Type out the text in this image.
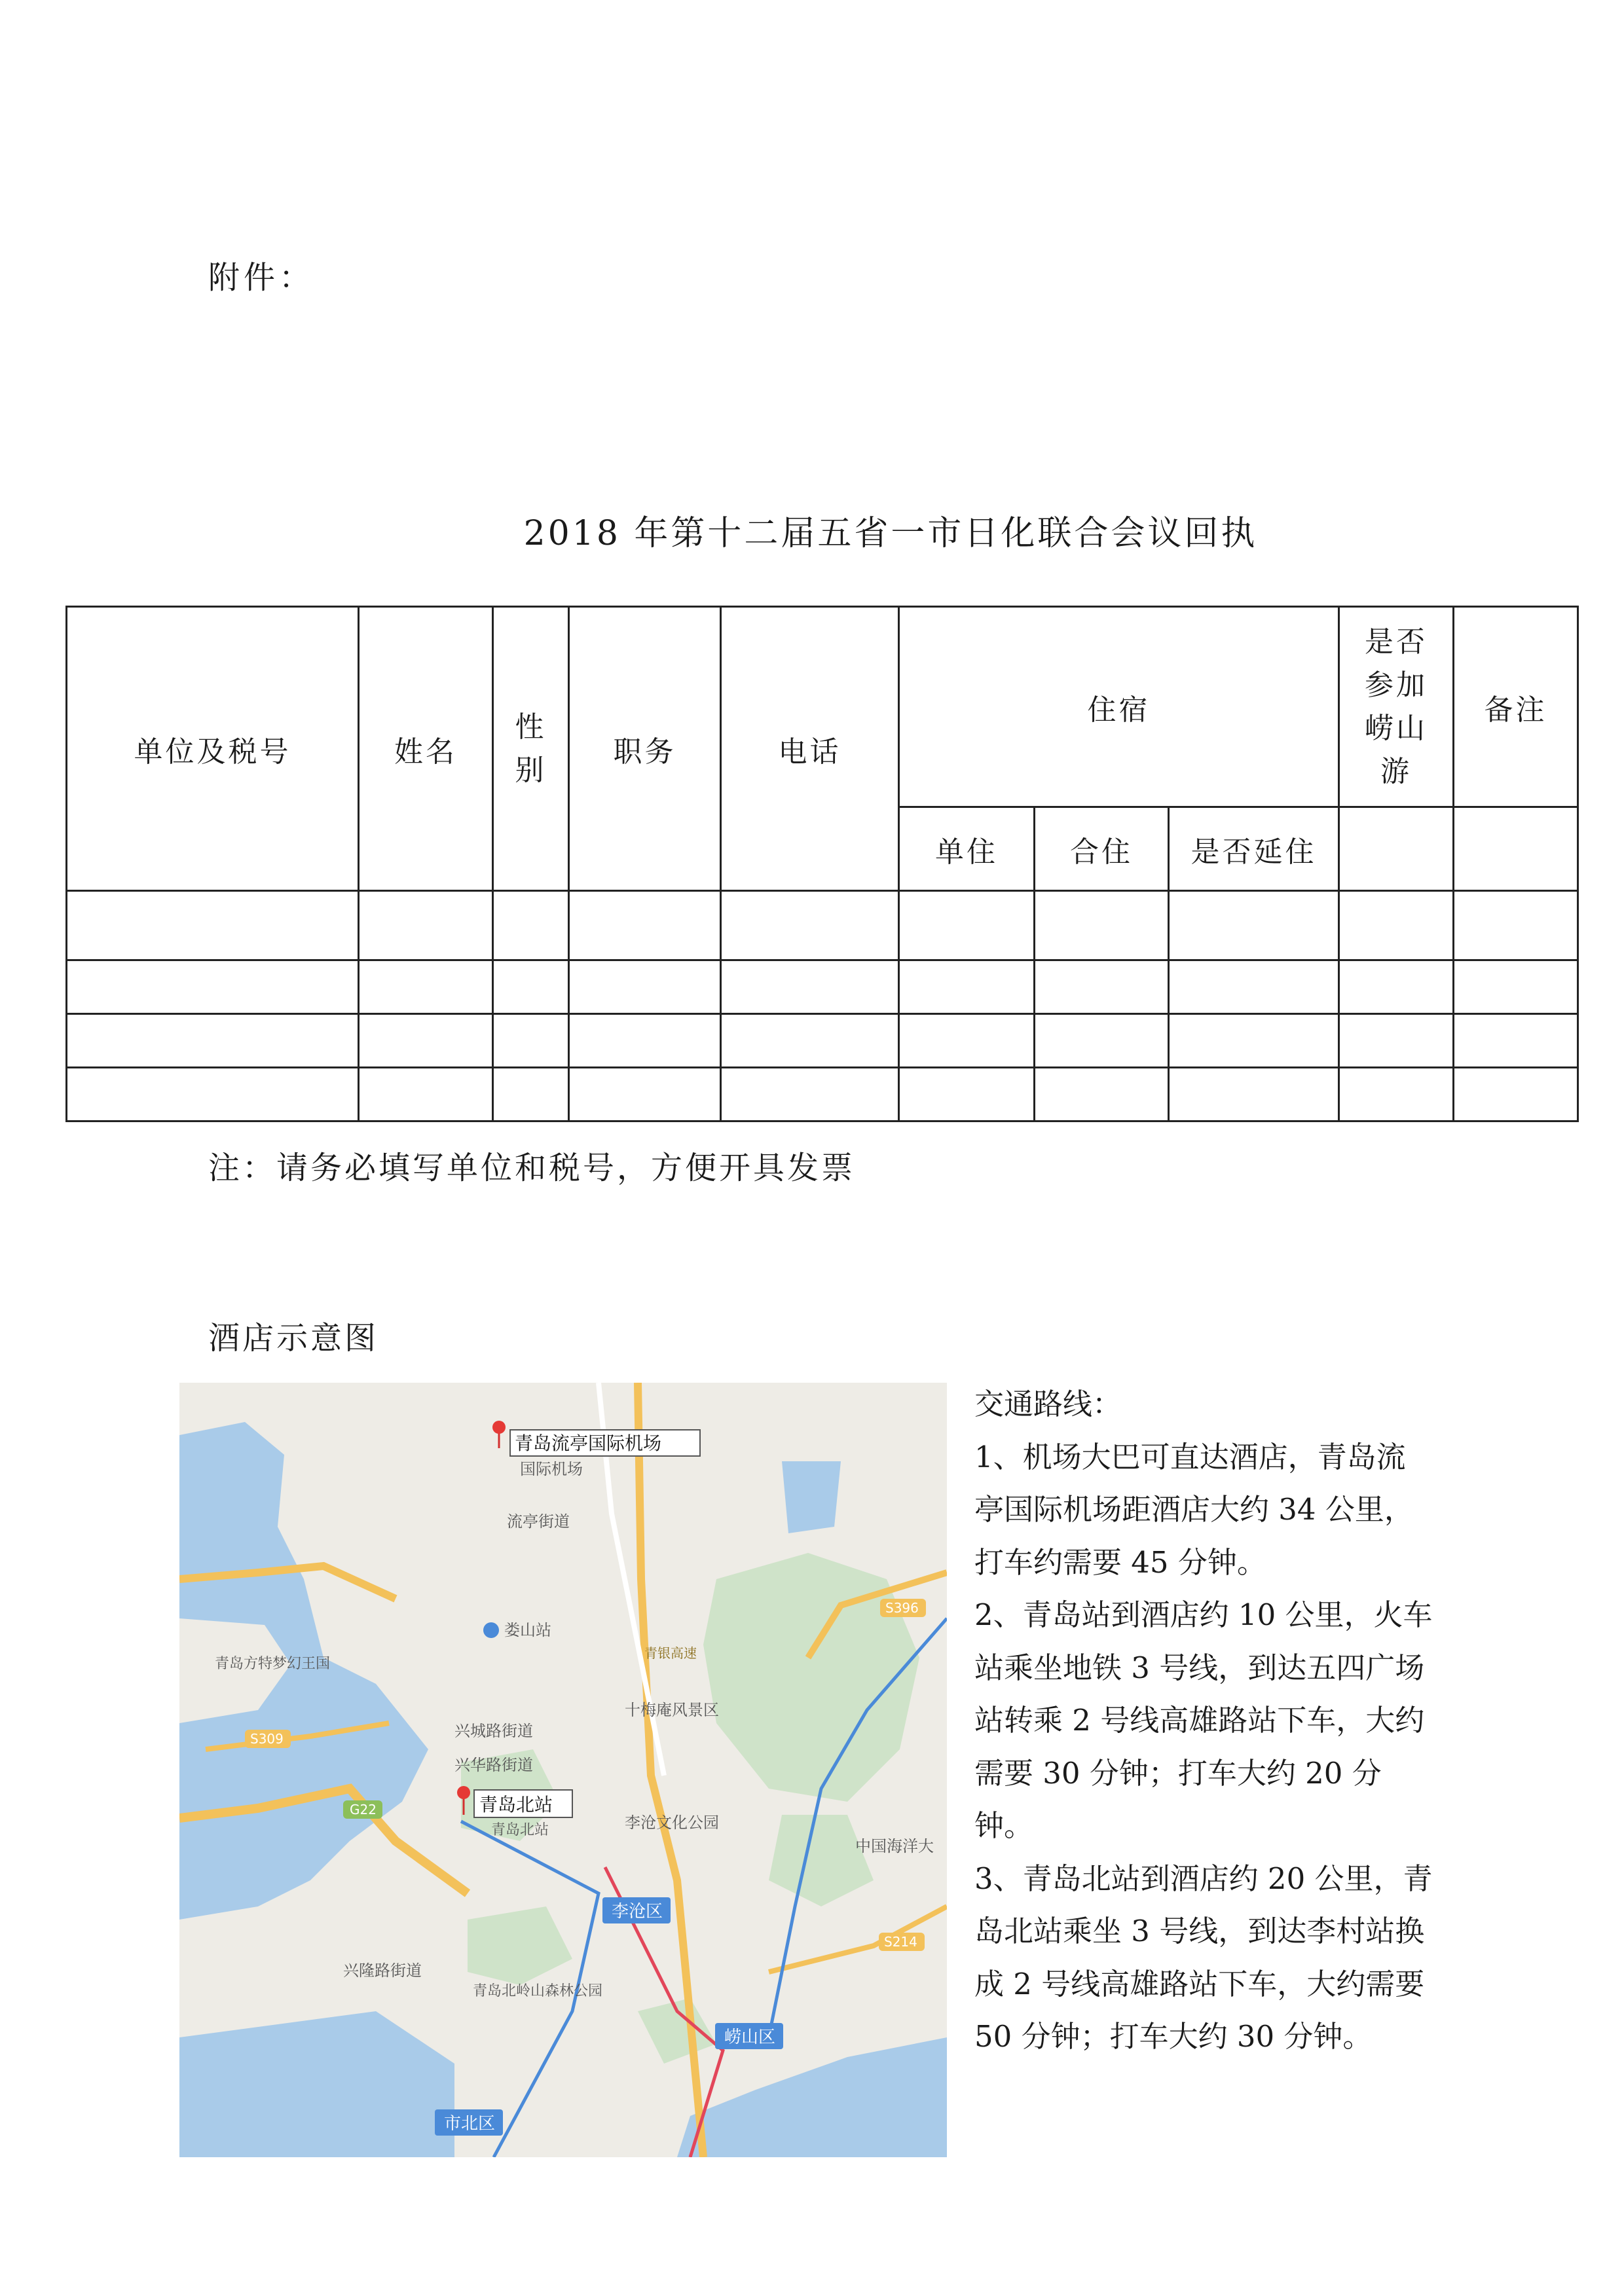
附件：
2018 年第十二届五省一市日化联合会议回执
单位及税号	姓名	性别	职务	电话	住宿			是否参加崂山游	备注
					单住	合住	是否延住		

注：请务必填写单位和税号，方便开具发票
酒店示意图
青岛流亭国际机场
国际机场
流亭街道
娄山站
青岛方特梦幻王国
十梅庵风景区
兴城路街道
兴华路街道
青岛北站
青岛北站	李沧文化公园
中国海洋大
李沧区
兴隆路街道
青岛北岭山森林公园
崂山区
市北区
青银高速
S396
S309
G22
S214
交通路线：
1、机场大巴可直达酒店，青岛流亭国际机场距酒店大约 34 公里，打车约需要 45 分钟。
2、青岛站到酒店约 10 公里，火车站乘坐地铁 3 号线，到达五四广场站转乘 2 号线高雄路站下车，大约需要 30 分钟；打车大约 20 分钟。
3、青岛北站到酒店约 20 公里，青岛北站乘坐 3 号线，到达李村站换成 2 号线高雄路站下车，大约需要 50 分钟；打车大约 30 分钟。
